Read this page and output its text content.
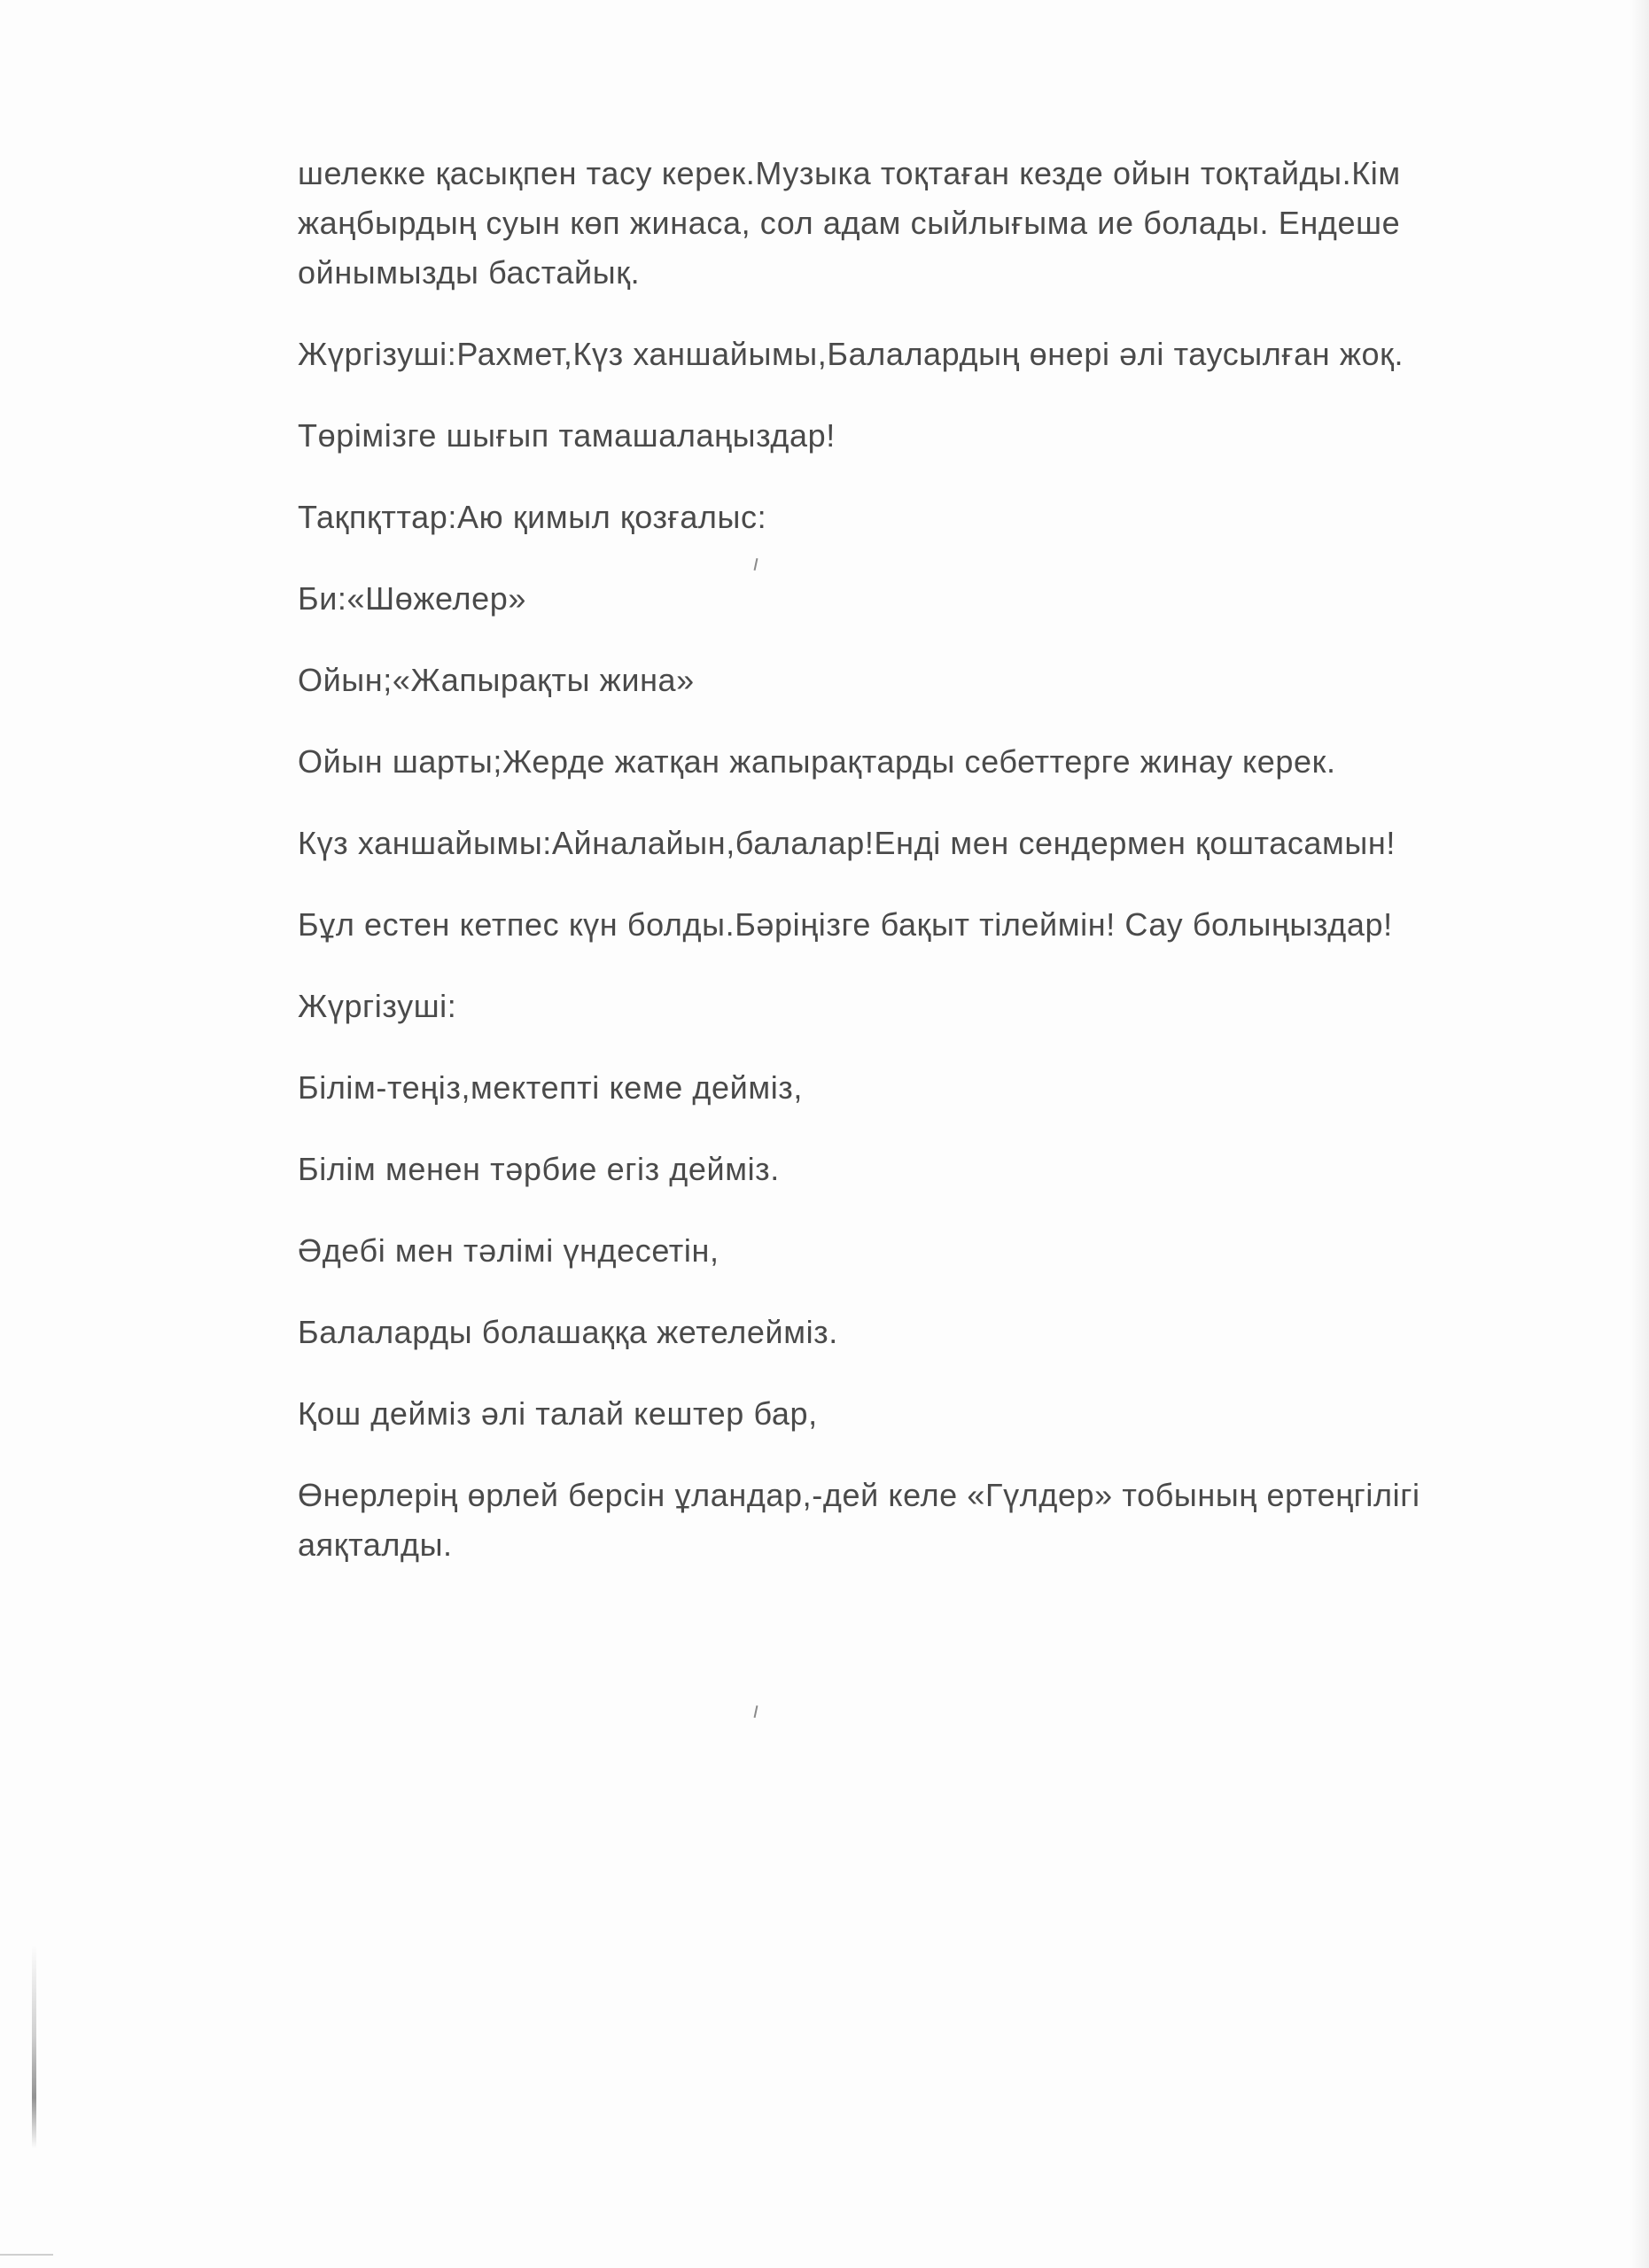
шелекке қасықпен тасу керек.Музыка тоқтаған кезде ойын тоқтайды.Кім жаңбырдың суын көп жинаса, сол адам сыйлығыма ие болады. Ендеше ойнымызды бастайық.

Жүргізуші:Рахмет,Күз ханшайымы,Балалардың өнері әлі таусылған жоқ.

Төрімізге шығып тамашалаңыздар!

Тақпқттар:Аю қимыл қозғалыс:

Би:«Шөжелер»

Ойын;«Жапырақты жина»

Ойын шарты;Жерде жатқан жапырақтарды себеттерге жинау керек.

Күз ханшайымы:Айналайын,балалар!Енді мен сендермен қоштасамын!

Бұл естен кетпес күн болды.Бәріңізге бақыт тілеймін! Сау болыңыздар!

Жүргізуші:

Білім-теңіз,мектепті кеме дейміз,

Білім менен тәрбие егіз дейміз.

Әдебі мен тәлімі үндесетін,

Балаларды болашаққа жетелейміз.

Қош дейміз әлі талай кештер бар,

Өнерлерің өрлей берсін ұландар,-дей келе «Гүлдер» тобының ертеңгілігі аяқталды.
